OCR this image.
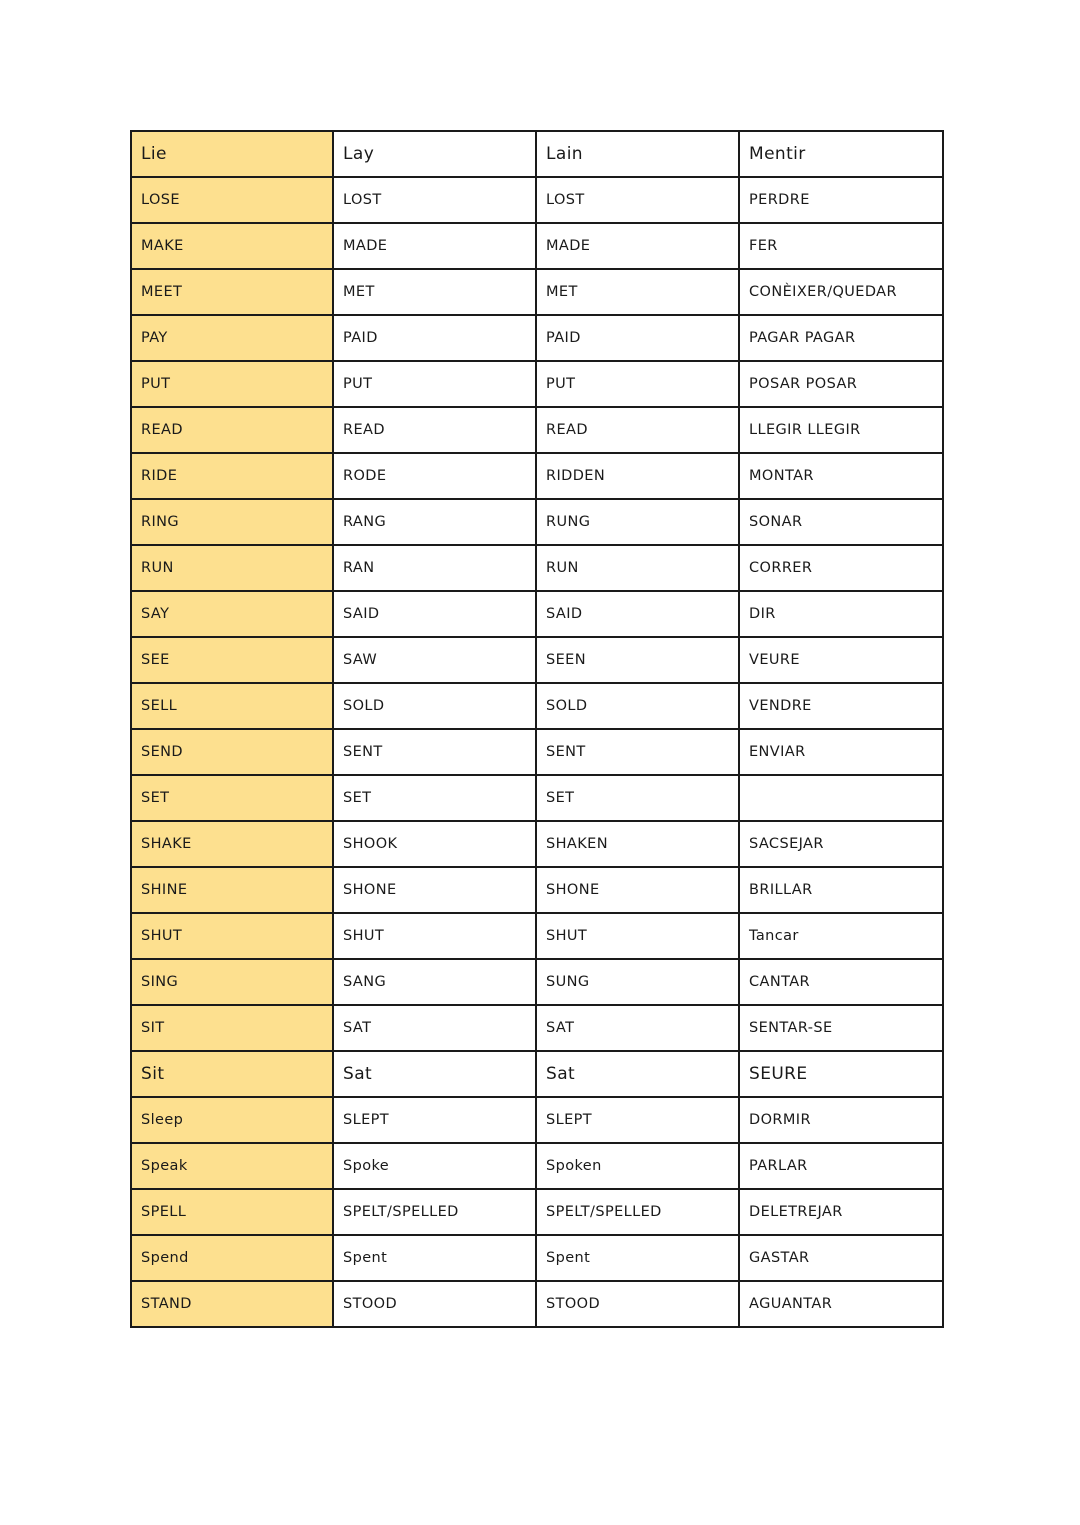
Lie	Lay	Lain	Mentir
LOSE	LOST	LOST	PERDRE
MAKE	MADE	MADE	FER
MEET	MET	MET	CONÈIXER/QUEDAR
PAY	PAID	PAID	PAGAR PAGAR
PUT	PUT	PUT	POSAR POSAR
READ	READ	READ	LLEGIR LLEGIR
RIDE	RODE	RIDDEN	MONTAR
RING	RANG	RUNG	SONAR
RUN	RAN	RUN	CORRER
SAY	SAID	SAID	DIR
SEE	SAW	SEEN	VEURE
SELL	SOLD	SOLD	VENDRE
SEND	SENT	SENT	ENVIAR
SET	SET	SET	
SHAKE	SHOOK	SHAKEN	SACSEJAR
SHINE	SHONE	SHONE	BRILLAR
SHUT	SHUT	SHUT	Tancar
SING	SANG	SUNG	CANTAR
SIT	SAT	SAT	SENTAR-SE
Sit	Sat	Sat	SEURE
Sleep	SLEPT	SLEPT	DORMIR
Speak	Spoke	Spoken	PARLAR
SPELL	SPELT/SPELLED	SPELT/SPELLED	DELETREJAR
Spend	Spent	Spent	GASTAR
STAND	STOOD	STOOD	AGUANTAR
